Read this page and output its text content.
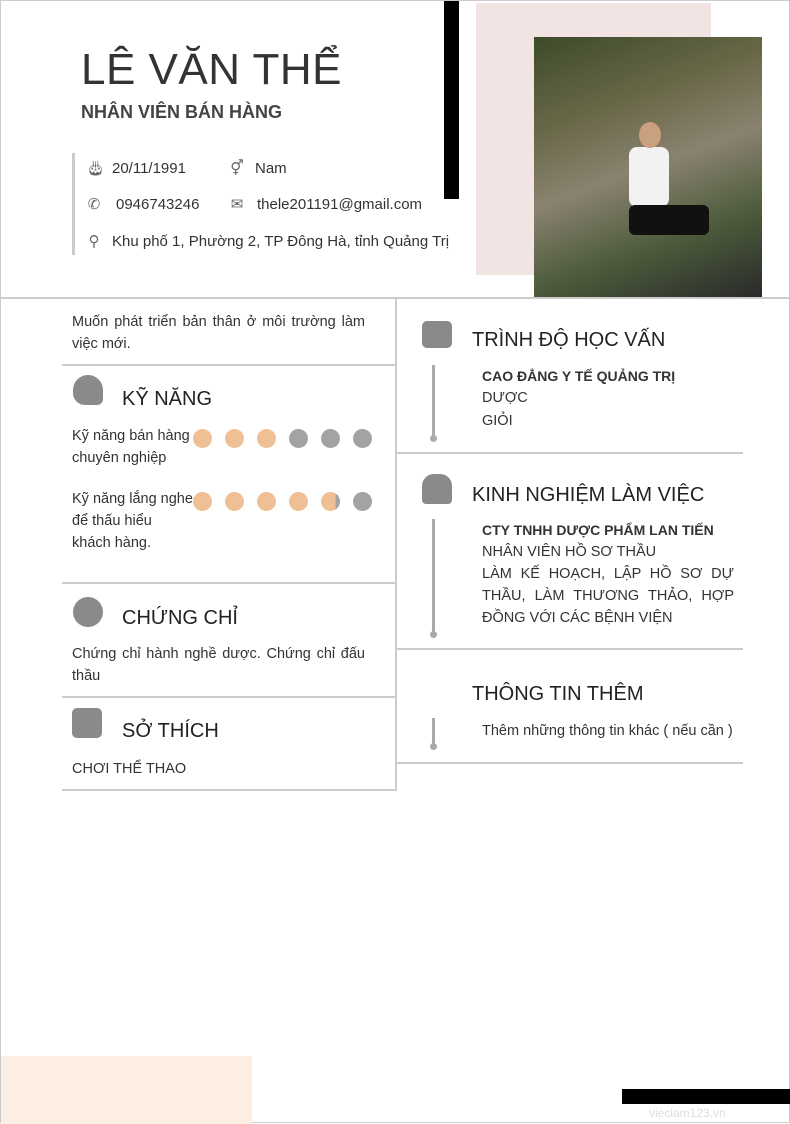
LÊ VĂN THỂ
NHÂN VIÊN BÁN HÀNG
🎂︎ 20/11/1991	⚥ Nam
✆ 0946743246 ✉ thele201191@gmail.com
⚲ Khu phố 1, Phường 2, TP Đông Hà, tỉnh Quảng Trị
Muốn phát triển bản thân ở môi trường làm việc mới.
KỸ NĂNG
Kỹ năng bán hàng chuyên nghiệp
Kỹ năng lắng nghe để thấu hiểu khách hàng.
CHỨNG CHỈ
Chứng chỉ hành nghề dược. Chứng chỉ đấu thầu
SỞ THÍCH
CHƠI THỂ THAO
TRÌNH ĐỘ HỌC VẤN
CAO ĐẲNG Y TẾ QUẢNG TRỊ
DƯỢC
GIỎI
KINH NGHIỆM LÀM VIỆC
CTY TNHH DƯỢC PHẨM LAN TIẾN
NHÂN VIÊN HỒ SƠ THẦU
LÀM KẾ HOẠCH, LẬP HỒ SƠ DỰ THẦU, LÀM THƯƠNG THẢO, HỢP ĐỒNG VỚI CÁC BỆNH VIỆN
THÔNG TIN THÊM
Thêm những thông tin khác ( nếu cần )
vieclam123.vn
